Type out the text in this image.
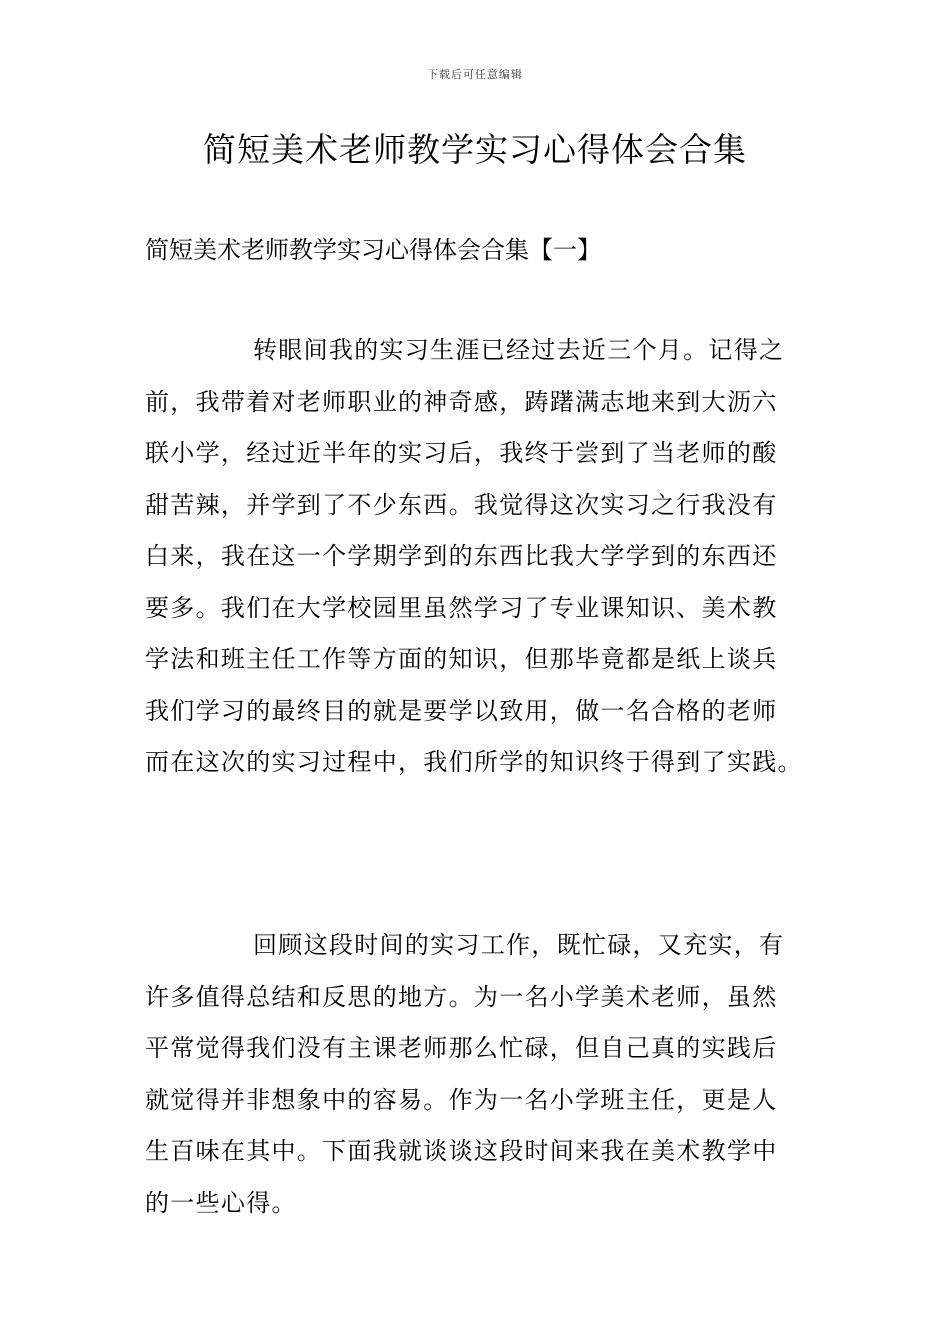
下载后可任意编辑
简短美术老师教学实习心得体会合集
简短美术老师教学实习心得体会合集【一】
转眼间我的实习生涯已经过去近三个月。记得之
前，我带着对老师职业的神奇感，踌躇满志地来到大沥六
联小学，经过近半年的实习后，我终于尝到了当老师的酸
甜苦辣，并学到了不少东西。我觉得这次实习之行我没有
白来，我在这一个学期学到的东西比我大学学到的东西还
要多。我们在大学校园里虽然学习了专业课知识、美术教
学法和班主任工作等方面的知识，但那毕竟都是纸上谈兵
我们学习的最终目的就是要学以致用，做一名合格的老师
而在这次的实习过程中，我们所学的知识终于得到了实践。
回顾这段时间的实习工作，既忙碌，又充实，有
许多值得总结和反思的地方。为一名小学美术老师，虽然
平常觉得我们没有主课老师那么忙碌，但自己真的实践后
就觉得并非想象中的容易。作为一名小学班主任，更是人
生百味在其中。下面我就谈谈这段时间来我在美术教学中
的一些心得。
